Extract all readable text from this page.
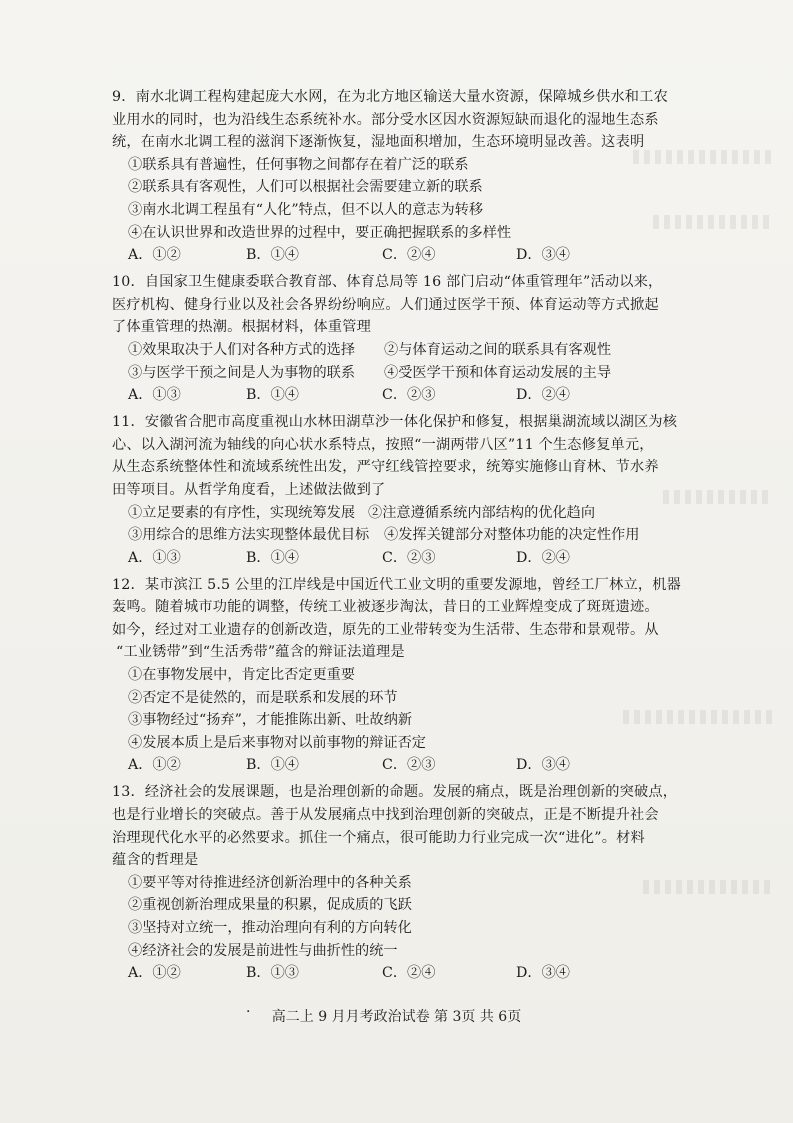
9．南水北调工程构建起庞大水网，在为北方地区输送大量水资源，保障城乡供水和工农
业用水的同时，也为沿线生态系统补水。部分受水区因水资源短缺而退化的湿地生态系
统，在南水北调工程的滋润下逐渐恢复，湿地面积增加，生态环境明显改善。这表明
①联系具有普遍性，任何事物之间都存在着广泛的联系
②联系具有客观性，人们可以根据社会需要建立新的联系
③南水北调工程虽有“人化”特点，但不以人的意志为转移
④在认识世界和改造世界的过程中，要正确把握联系的多样性
A．①②	B．①④	C．②④	D．③④
10．自国家卫生健康委联合教育部、体育总局等 16 部门启动“体重管理年”活动以来，
医疗机构、健身行业以及社会各界纷纷响应。人们通过医学干预、体育运动等方式掀起
了体重管理的热潮。根据材料，体重管理
①效果取决于人们对各种方式的选择 ②与体育运动之间的联系具有客观性
③与医学干预之间是人为事物的联系 ④受医学干预和体育运动发展的主导
A．①③	B．①④	C．②③	D．②④
11．安徽省合肥市高度重视山水林田湖草沙一体化保护和修复，根据巢湖流域以湖区为核
心、以入湖河流为轴线的向心状水系特点，按照“一湖两带八区”11 个生态修复单元，
从生态系统整体性和流域系统性出发，严守红线管控要求，统筹实施修山育林、节水养
田等项目。从哲学角度看，上述做法做到了
①立足要素的有序性，实现统筹发展 ②注意遵循系统内部结构的优化趋向
③用综合的思维方法实现整体最优目标 ④发挥关键部分对整体功能的决定性作用
A．①③	B．①④	C．②③	D．②④
12．某市滨江 5.5 公里的江岸线是中国近代工业文明的重要发源地，曾经工厂林立，机器
轰鸣。随着城市功能的调整，传统工业被逐步淘汰，昔日的工业辉煌变成了斑斑遗迹。
如今，经过对工业遗存的创新改造，原先的工业带转变为生活带、生态带和景观带。从
“工业锈带”到“生活秀带”蕴含的辩证法道理是
①在事物发展中，肯定比否定更重要
②否定不是徒然的，而是联系和发展的环节
③事物经过“扬弃”，才能推陈出新、吐故纳新
④发展本质上是后来事物对以前事物的辩证否定
A．①②	B．①④	C．②③	D．③④
13．经济社会的发展课题，也是治理创新的命题。发展的痛点，既是治理创新的突破点，
也是行业增长的突破点。善于从发展痛点中找到治理创新的突破点，正是不断提升社会
治理现代化水平的必然要求。抓住一个痛点，很可能助力行业完成一次“进化”。材料
蕴含的哲理是
①要平等对待推进经济创新治理中的各种关系
②重视创新治理成果量的积累，促成质的飞跃
③坚持对立统一，推动治理向有利的方向转化
④经济社会的发展是前进性与曲折性的统一
A．①②	B．①③	C．②④	D．③④
· 高二上 9 月月考政治试卷 第 3页 共 6页
